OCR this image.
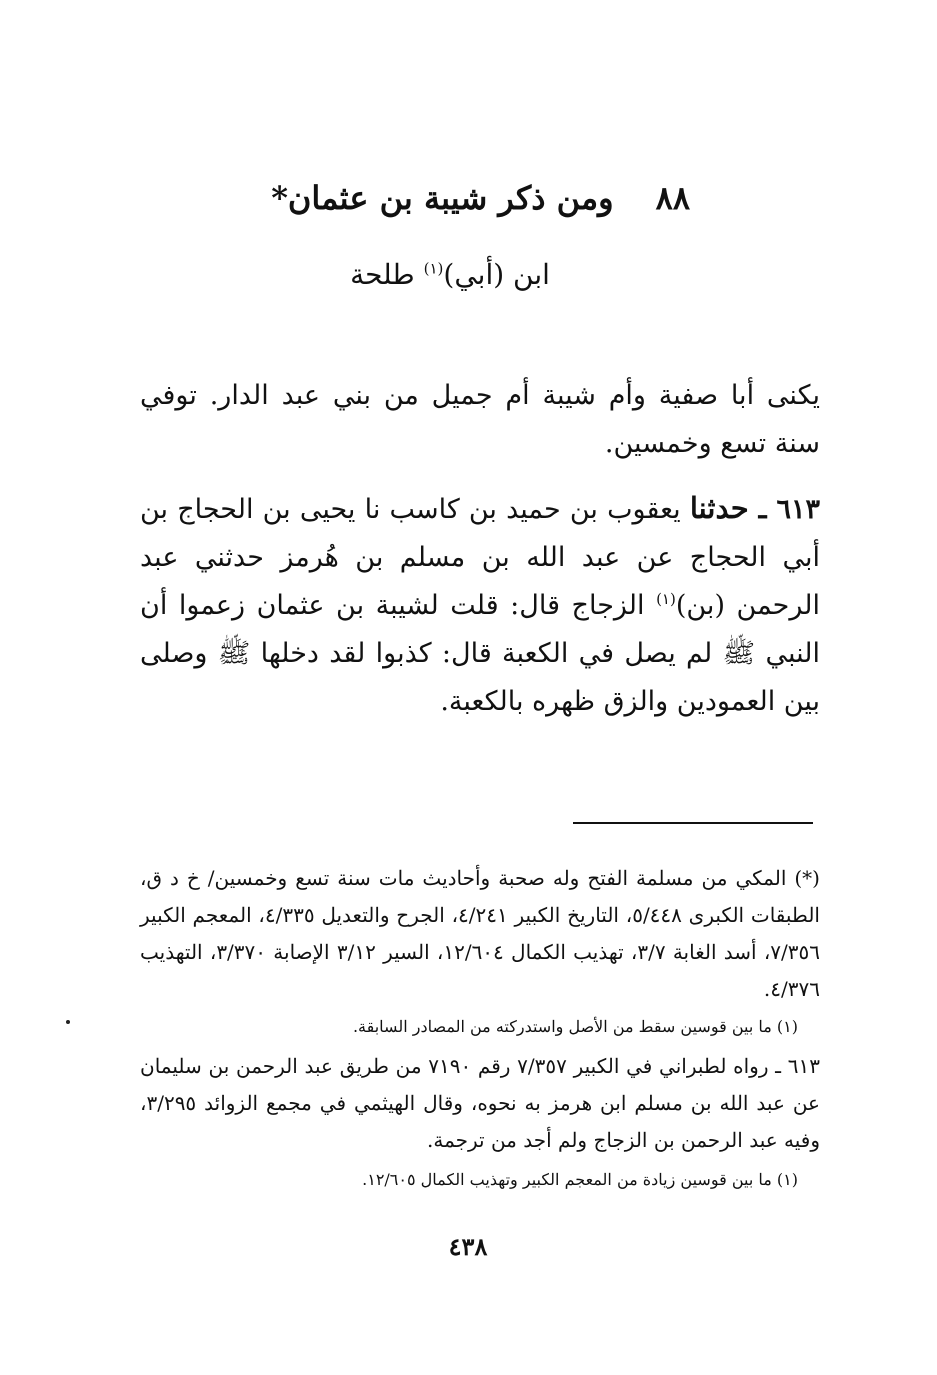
٨٨
ومن ذكر شيبة بن عثمان*
ابن (أبي)$^{(١)}$ طلحة

يكنى أبا صفية وأم شيبة أم جميل من بني عبد الدار. توفي سنة تسع وخمسين.

٦١٣ ـ حدثنا يعقوب بن حميد بن كاسب نا يحيى بن الحجاج بن أبي الحجاج عن عبد الله بن مسلم بن هُرمز حدثني عبد الرحمن (بن)$^{(١)}$ الزجاج قال: قلت لشيبة بن عثمان زعموا أن النبي ﷺ لم يصل في الكعبة قال: كذبوا لقد دخلها ﷺ وصلى بين العمودين والزق ظهره بالكعبة.

(*) المكي من مسلمة الفتح وله صحبة وأحاديث مات سنة تسع وخمسين/ خ د ق، الطبقات الكبرى ٥/٤٤٨، التاريخ الكبير ٤/٢٤١، الجرح والتعديل ٤/٣٣٥، المعجم الكبير ٧/٣٥٦، أسد الغابة ٣/٧، تهذيب الكمال ١٢/٦٠٤، السير ٣/١٢ الإصابة ٣/٣٧٠، التهذيب ٤/٣٧٦.

(١) ما بين قوسين سقط من الأصل واستدركته من المصادر السابقة.

٦١٣ ـ رواه لطبراني في الكبير ٧/٣٥٧ رقم ٧١٩٠ من طريق عبد الرحمن بن سليمان عن عبد الله بن مسلم ابن هرمز به نحوه، وقال الهيثمي في مجمع الزوائد ٣/٢٩٥، وفيه عبد الرحمن بن الزجاج ولم أجد من ترجمة.

(١) ما بين قوسين زيادة من المعجم الكبير وتهذيب الكمال ١٢/٦٠٥.

٤٣٨
